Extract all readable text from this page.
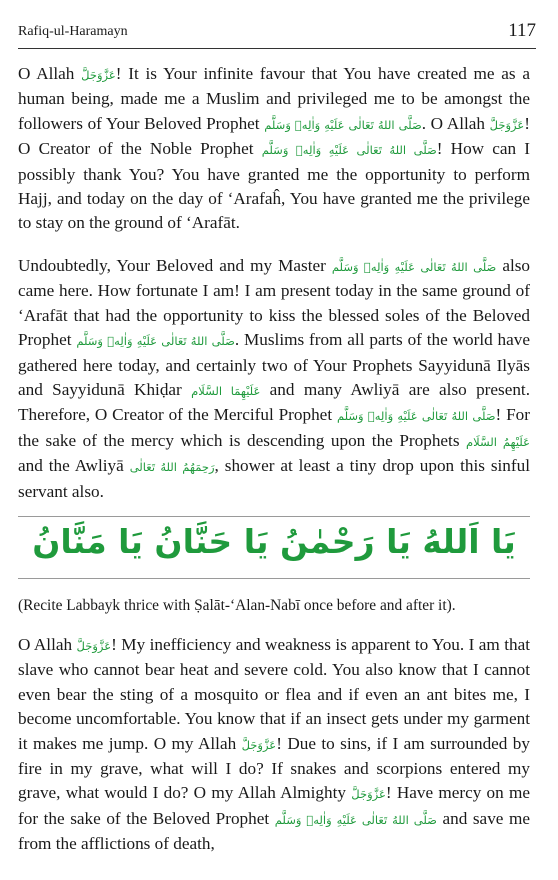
Rafiq-ul-Haramayn	117

O Allah عَزَّوَجَلَّ! It is Your infinite favour that You have created me as a human being, made me a Muslim and privileged me to be amongst the followers of Your Beloved Prophet صَلَّى اللهُ تَعَالٰى عَلَيْهِ وَاٰلِهٖ وَسَلَّم. O Allah عَزَّوَجَلَّ! O Creator of the Noble Prophet صَلَّى اللهُ تَعَالٰى عَلَيْهِ وَاٰلِهٖ وَسَلَّم! How can I possibly thank You? You have granted me the opportunity to perform Hajj, and today on the day of ‘Arafaĥ, You have granted me the privilege to stay on the ground of ‘Arafāt.

Undoubtedly, Your Beloved and my Master صَلَّى اللهُ تَعَالٰى عَلَيْهِ وَاٰلِهٖ وَسَلَّم also came here. How fortunate I am! I am present today in the same ground of ‘Arafāt that had the opportunity to kiss the blessed soles of the Beloved Prophet صَلَّى اللهُ تَعَالٰى عَلَيْهِ وَاٰلِهٖ وَسَلَّم. Muslims from all parts of the world have gathered here today, and certainly two of Your Prophets Sayyidunā Ilyās and Sayyidunā Khiḍar عَلَيْهِمَا السَّلَام and many Awliyā are also present. Therefore, O Creator of the Merciful Prophet صَلَّى اللهُ تَعَالٰى عَلَيْهِ وَاٰلِهٖ وَسَلَّم! For the sake of the mercy which is descending upon the Prophets عَلَيْهِمُ السَّلَام and the Awliyā رَحِمَهُمُ اللهُ تَعَالٰی, shower at least a tiny drop upon this sinful servant also.

يَا اَللهُ يَا رَحْمٰنُ يَا حَنَّانُ يَا مَنَّانُ

(Recite Labbayk thrice with Ṣalāt-‘Alan-Nabī once before and after it).

O Allah عَزَّوَجَلَّ! My inefficiency and weakness is apparent to You. I am that slave who cannot bear heat and severe cold. You also know that I cannot even bear the sting of a mosquito or flea and if even an ant bites me, I become uncomfortable. You know that if an insect gets under my garment it makes me jump. O my Allah عَزَّوَجَلَّ! Due to sins, if I am surrounded by fire in my grave, what will I do? If snakes and scorpions entered my grave, what would I do? O my Allah Almighty عَزَّوَجَلَّ! Have mercy on me for the sake of the Beloved Prophet صَلَّى اللهُ تَعَالٰى عَلَيْهِ وَاٰلِهٖ وَسَلَّم and save me from the afflictions of death,
